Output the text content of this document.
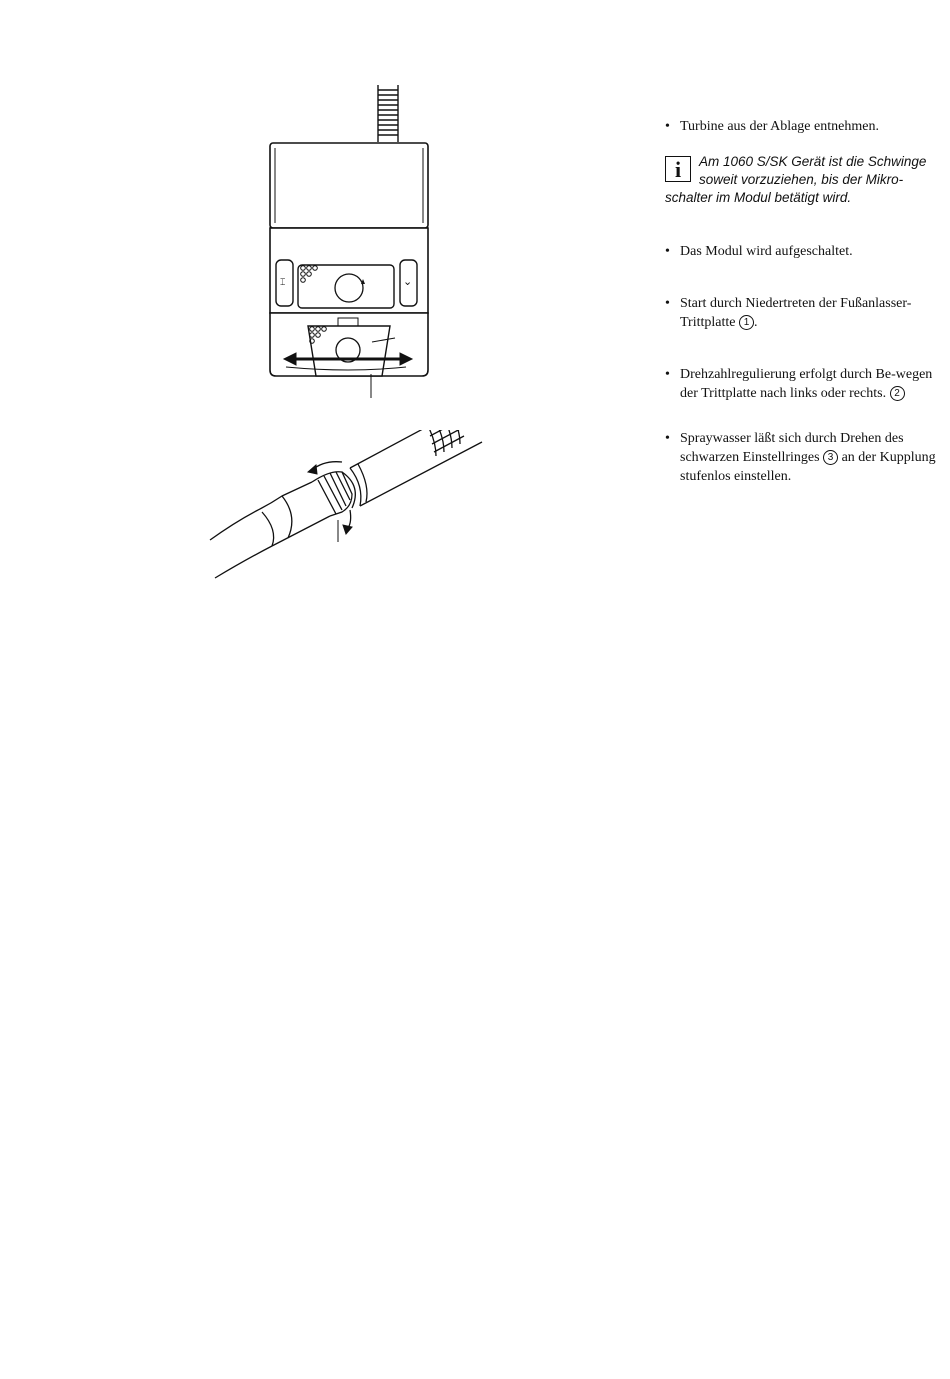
⌶	⌄

• Turbine aus der Ablage entnehmen.

i	Am 1060 S/SK Gerät ist die Schwinge soweit vorzuziehen, bis der Mikro-schalter im Modul betätigt wird.

• Das Modul wird aufgeschaltet.

• Start durch Niedertreten der Fußanlasser-Trittplatte 1 .

• Drehzahlregulierung erfolgt durch Be-wegen der Trittplatte nach links oder rechts. 2

• Spraywasser läßt sich durch Drehen des schwarzen Einstellringes 3 an der Kupplung stufenlos einstellen.
